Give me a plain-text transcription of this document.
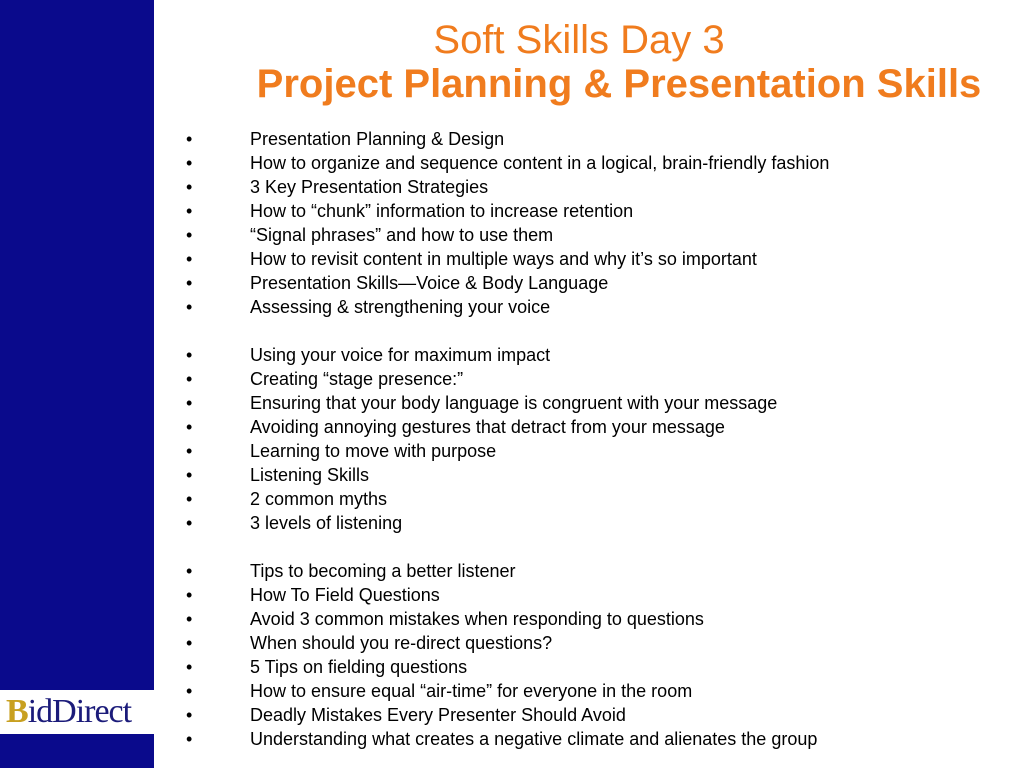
BidDirect
Soft Skills Day 3
Project Planning & Presentation Skills
•	Presentation Planning & Design
•	How to organize and sequence content in a logical, brain-friendly fashion
•	3 Key Presentation Strategies
•	How to “chunk” information to increase retention
•	“Signal phrases” and how to use them
•	How to revisit content in multiple ways and why it’s so important
•	Presentation Skills—Voice & Body Language
•	Assessing & strengthening your voice
•	Using your voice for maximum impact
•	Creating “stage presence:”
•	Ensuring that your body language is congruent with your message
•	Avoiding annoying gestures that detract from your message
•	Learning to move with purpose
•	Listening Skills
•	2 common myths
•	3 levels of listening
•	Tips to becoming a better listener
•	How To Field Questions
•	Avoid 3 common mistakes when responding to questions
•	When should you re-direct questions?
•	5 Tips on fielding questions
•	How to ensure equal “air-time” for everyone in the room
•	Deadly Mistakes Every Presenter Should Avoid
•	Understanding what creates a negative climate and alienates the group
